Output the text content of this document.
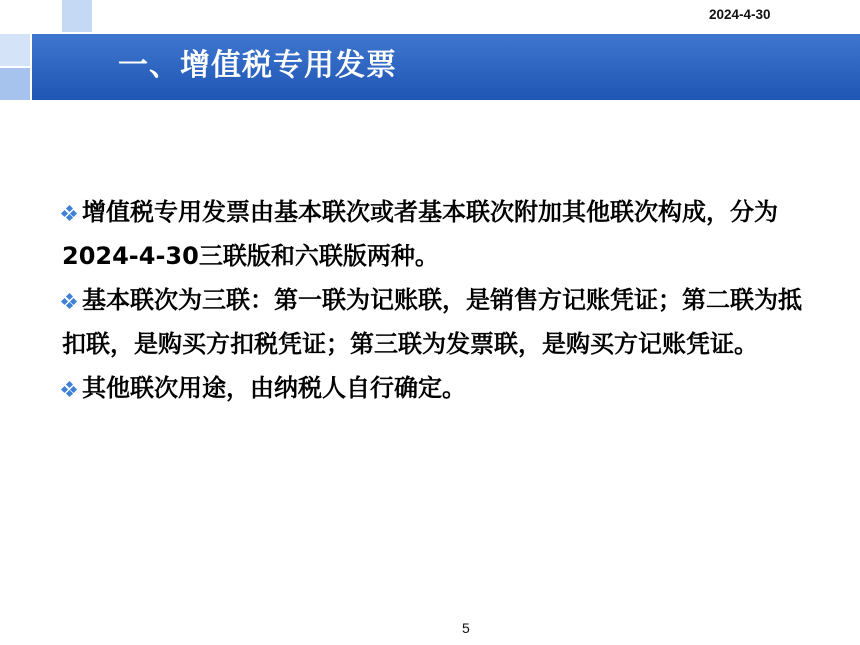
一、增值税专用发票
2024-4-30

增值税专用发票由基本联次或者基本联次附加其他联次构成，分为2024-4-30三联版和六联版两种。

基本联次为三联：第一联为记账联，是销售方记账凭证；第二联为抵扣联，是购买方扣税凭证；第三联为发票联，是购买方记账凭证。

其他联次用途，由纳税人自行确定。

5
